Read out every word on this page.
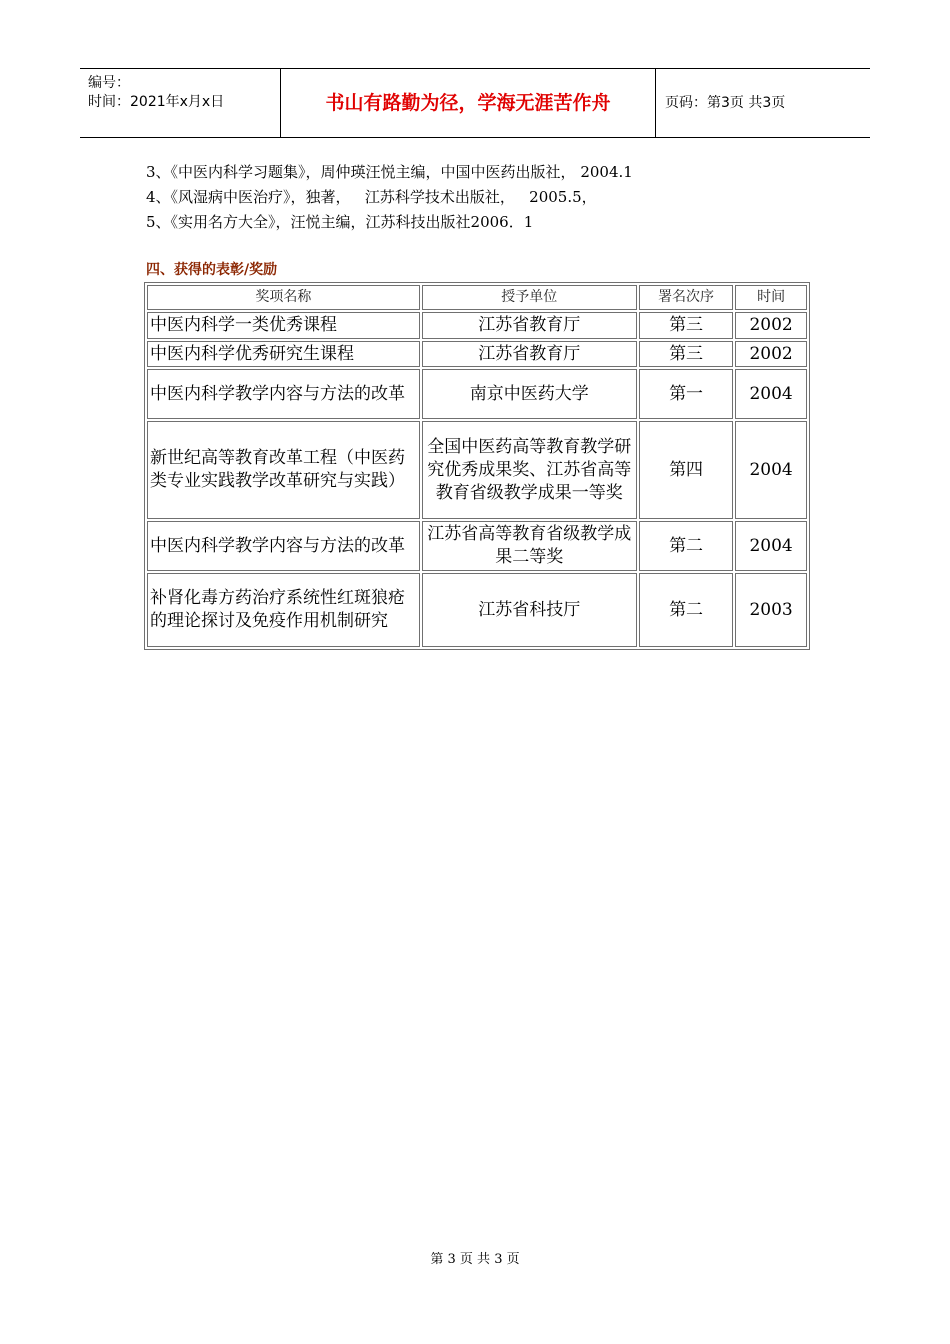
编号：
时间：2021年x月x日	书山有路勤为径，学海无涯苦作舟	页码：第3页 共3页
3、《中医内科学习题集》，周仲瑛汪悦主编，中国中医药出版社， 2004.1
4、《风湿病中医治疗》，独著，   江苏科学技术出版社，   2005.5，
5、《实用名方大全》，汪悦主编，江苏科技出版社2006．1
四、获得的表彰/奖励
奖项名称	授予单位	署名次序	时间
中医内科学一类优秀课程	江苏省教育厅	第三	2002
中医内科学优秀研究生课程	江苏省教育厅	第三	2002
中医内科学教学内容与方法的改革	南京中医药大学	第一	2004
新世纪高等教育改革工程（中医药类专业实践教学改革研究与实践）	全国中医药高等教育教学研究优秀成果奖、江苏省高等教育省级教学成果一等奖	第四	2004
中医内科学教学内容与方法的改革	江苏省高等教育省级教学成果二等奖	第二	2004
补肾化毒方药治疗系统性红斑狼疮的理论探讨及免疫作用机制研究	江苏省科技厅	第二	2003
第 3 页 共 3 页
